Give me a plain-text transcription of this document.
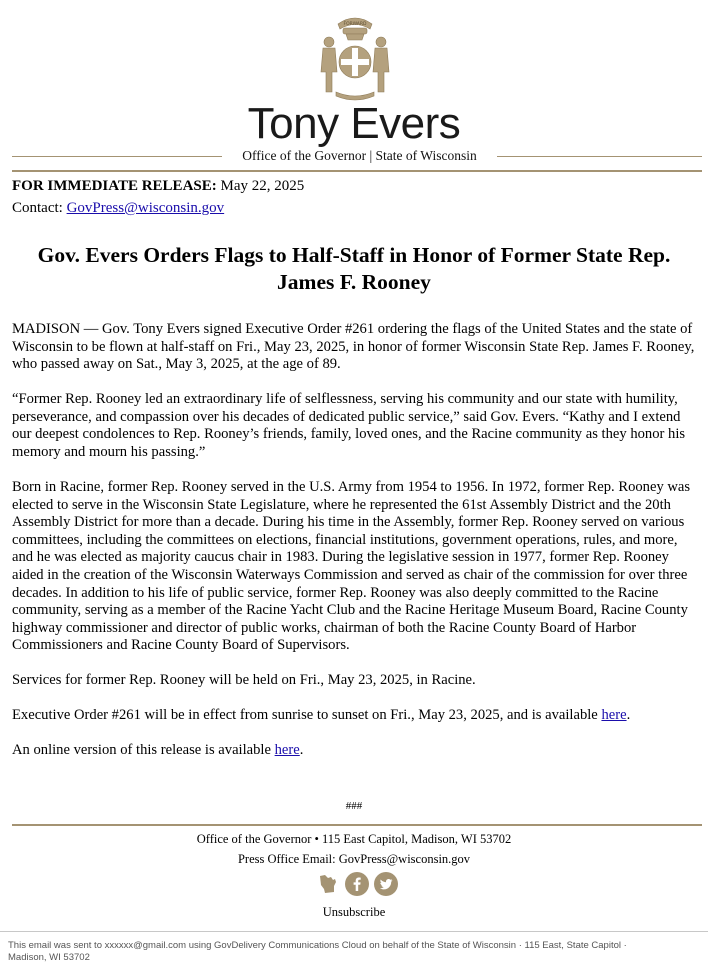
FORWARD
Tony Evers
Office of the Governor | State of Wisconsin
FOR IMMEDIATE RELEASE: May 22, 2025
Contact: GovPress@wisconsin.gov
Gov. Evers Orders Flags to Half-Staff in Honor of Former State Rep. James F. Rooney

MADISON — Gov. Tony Evers signed Executive Order #261 ordering the flags of the United States and the state of Wisconsin to be flown at half-staff on Fri., May 23, 2025, in honor of former Wisconsin State Rep. James F. Rooney, who passed away on Sat., May 3, 2025, at the age of 89.

“Former Rep. Rooney led an extraordinary life of selflessness, serving his community and our state with humility, perseverance, and compassion over his decades of dedicated public service,” said Gov. Evers. “Kathy and I extend our deepest condolences to Rep. Rooney’s friends, family, loved ones, and the Racine community as they honor his memory and mourn his passing.”

Born in Racine, former Rep. Rooney served in the U.S. Army from 1954 to 1956. In 1972, former Rep. Rooney was elected to serve in the Wisconsin State Legislature, where he represented the 61st Assembly District and the 20th Assembly District for more than a decade. During his time in the Assembly, former Rep. Rooney served on various committees, including the committees on elections, financial institutions, government operations, rules, and more, and he was elected as majority caucus chair in 1983. During the legislative session in 1977, former Rep. Rooney aided in the creation of the Wisconsin Waterways Commission and served as chair of the commission for over three decades. In addition to his life of public service, former Rep. Rooney was also deeply committed to the Racine community, serving as a member of the Racine Yacht Club and the Racine Heritage Museum Board, Racine County highway commissioner and director of public works, chairman of both the Racine County Board of Harbor Commissioners and Racine County Board of Supervisors.

Services for former Rep. Rooney will be held on Fri., May 23, 2025, in Racine.

Executive Order #261 will be in effect from sunrise to sunset on Fri., May 23, 2025, and is available here.

An online version of this release is available here.

###
Office of the Governor • 115 East Capitol, Madison, WI 53702
Press Office Email: GovPress@wisconsin.gov
Unsubscribe
This email was sent to xxxxxx@gmail.com using GovDelivery Communications Cloud on behalf of the State of Wisconsin · 115 East, State Capitol · Madison, WI 53702
